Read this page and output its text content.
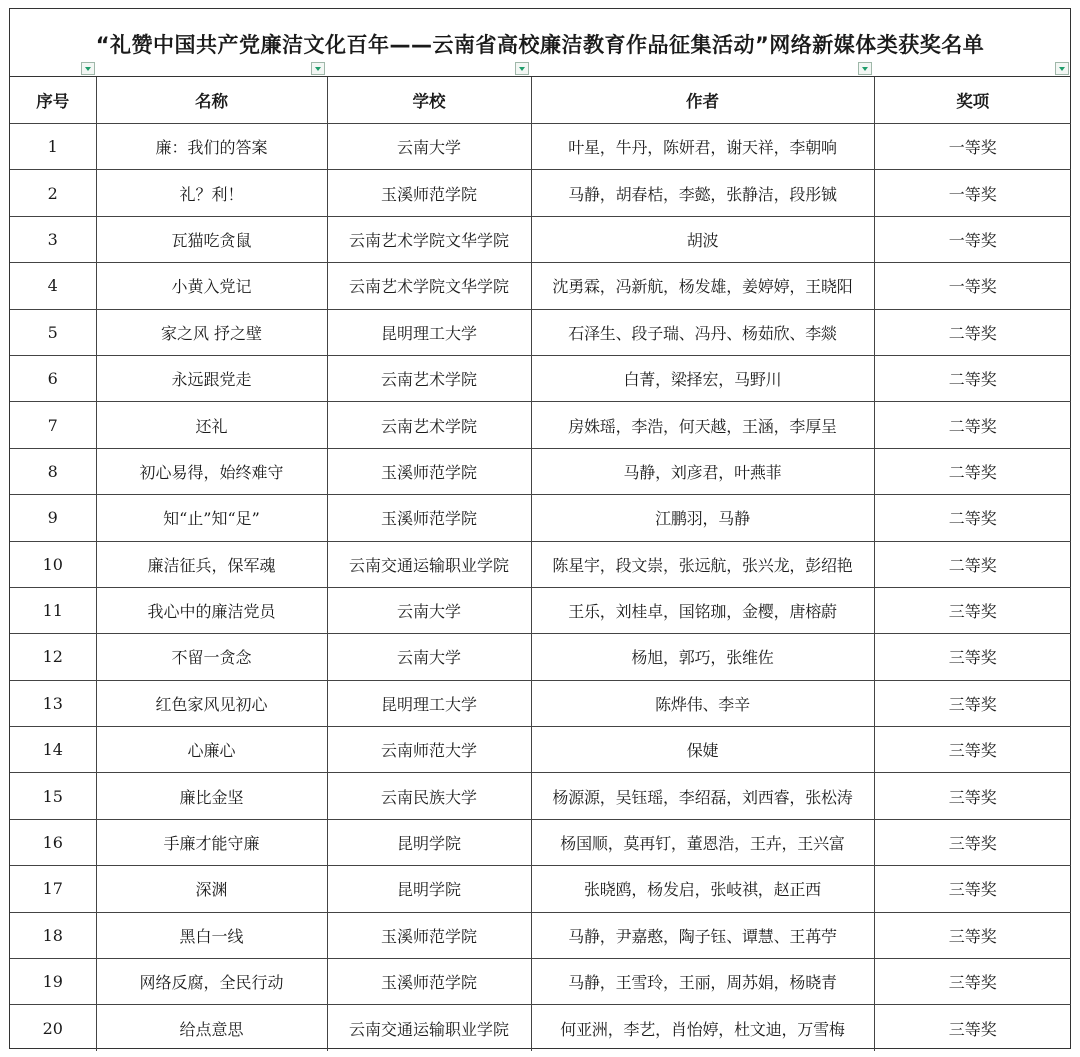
“礼赞中国共产党廉洁文化百年——云南省高校廉洁教育作品征集活动”网络新媒体类获奖名单
序号	名称	学校	作者	奖项
1	廉：我们的答案	云南大学	叶星，牛丹，陈妍君，谢天祥，李朝响	一等奖
2	礼？利！	玉溪师范学院	马静，胡春桔，李懿，张静洁，段彤铖	一等奖
3	瓦猫吃贪鼠	云南艺术学院文华学院	胡波	一等奖
4	小黄入党记	云南艺术学院文华学院	沈勇霖，冯新航，杨发雄，姜婷婷，王晓阳	一等奖
5	家之风 抒之壁	昆明理工大学	石泽生、段子瑞、冯丹、杨茹欣、李燚	二等奖
6	永远跟党走	云南艺术学院	白菁，梁择宏，马野川	二等奖
7	还礼	云南艺术学院	房姝瑶，李浩，何天越，王涵，李厚呈	二等奖
8	初心易得，始终难守	玉溪师范学院	马静，刘彦君，叶燕菲	二等奖
9	知“止”知“足”	玉溪师范学院	江鹏羽，马静	二等奖
10	廉洁征兵，保军魂	云南交通运输职业学院	陈星宇，段文崇，张远航，张兴龙，彭绍艳	二等奖
11	我心中的廉洁党员	云南大学	王乐，刘桂卓，国铭珈，金樱，唐榕蔚	三等奖
12	不留一贪念	云南大学	杨旭，郭巧，张维佐	三等奖
13	红色家风见初心	昆明理工大学	陈烨伟、李辛	三等奖
14	心廉心	云南师范大学	保婕	三等奖
15	廉比金坚	云南民族大学	杨源源，吴钰瑶，李绍磊，刘西睿，张松涛	三等奖
16	手廉才能守廉	昆明学院	杨国顺，莫再钉，董恩浩，王卉，王兴富	三等奖
17	深渊	昆明学院	张晓鸥，杨发启，张岐祺，赵正西	三等奖
18	黑白一线	玉溪师范学院	马静，尹嘉憨，陶子钰、谭慧、王苒苧	三等奖
19	网络反腐，全民行动	玉溪师范学院	马静，王雪玲，王丽，周苏娟，杨晓青	三等奖
20	给点意思	云南交通运输职业学院	何亚洲，李艺，肖怡婷，杜文迪，万雪梅	三等奖
